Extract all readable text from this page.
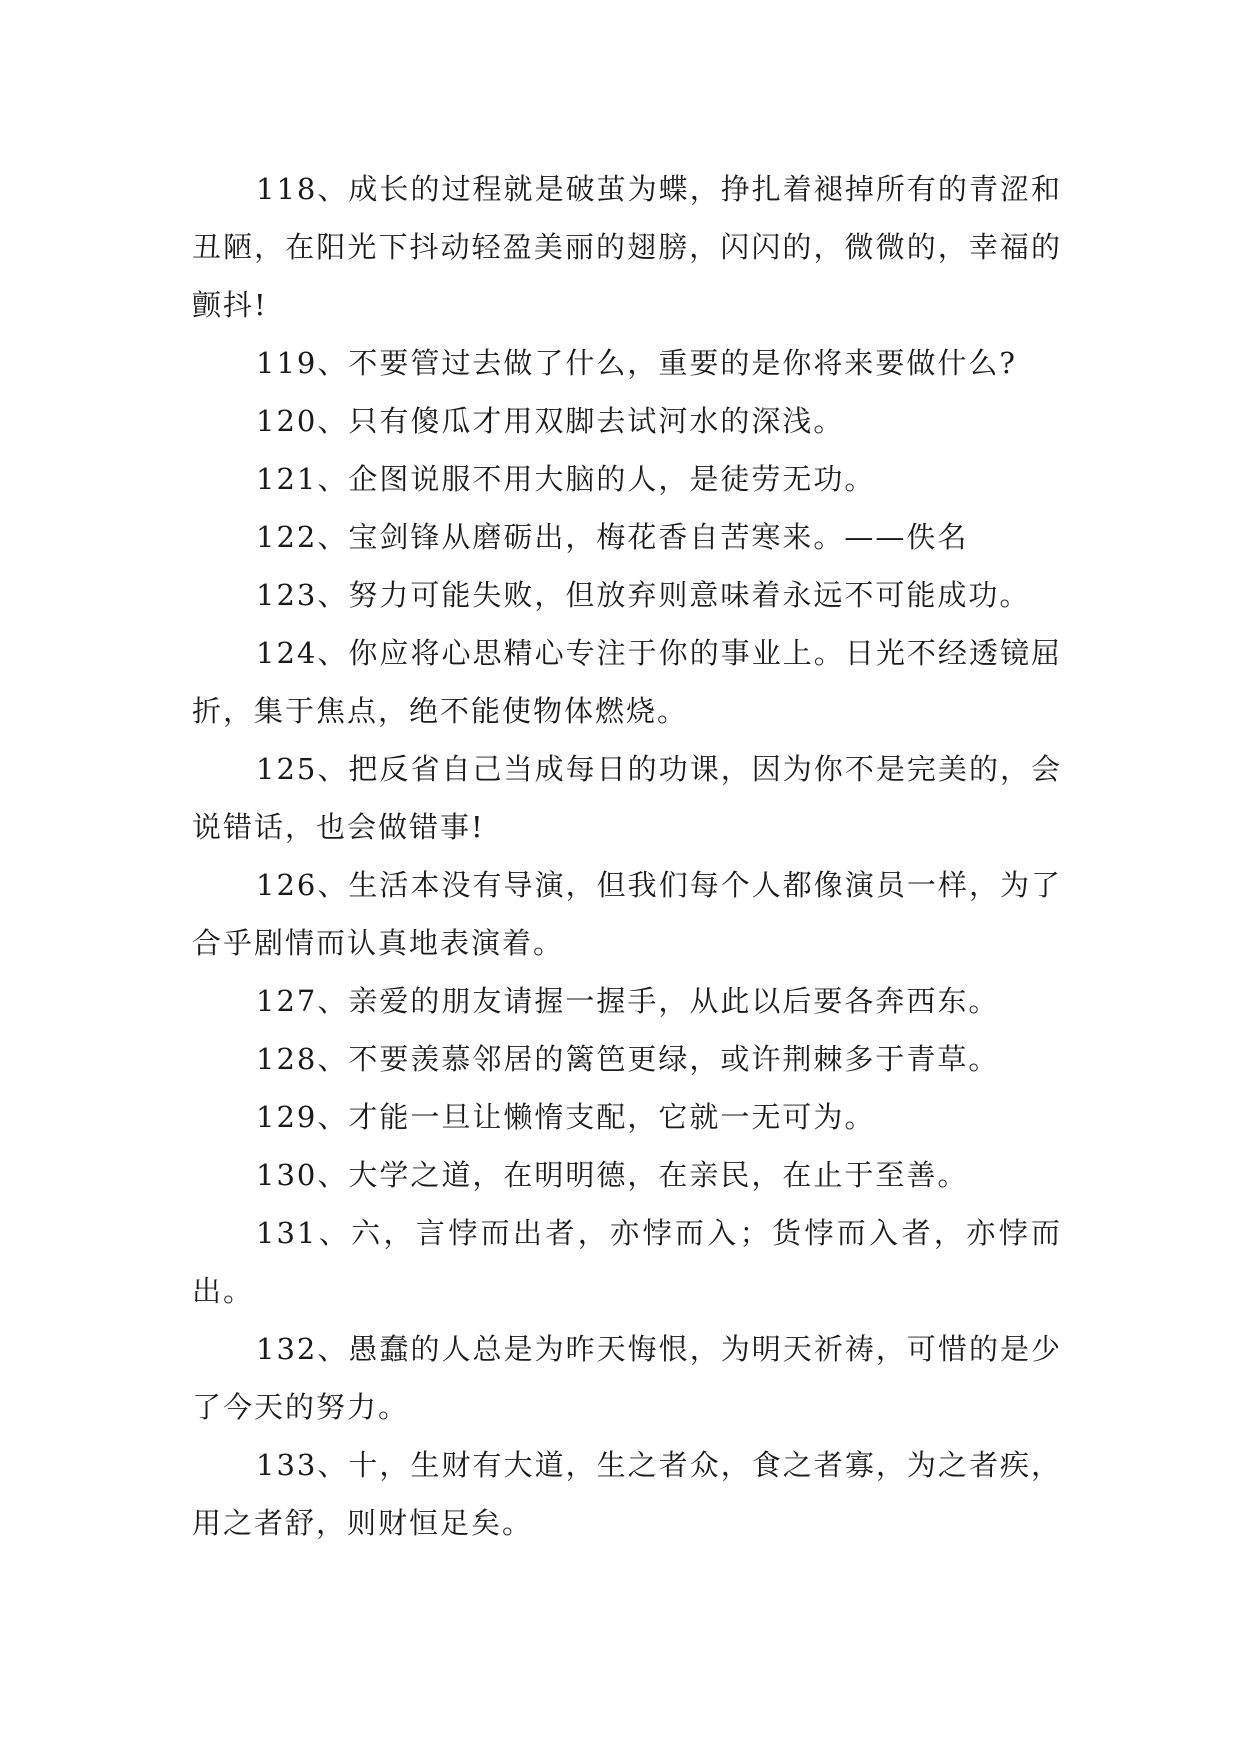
118、成长的过程就是破茧为蝶，挣扎着褪掉所有的青涩和丑陋，在阳光下抖动轻盈美丽的翅膀，闪闪的，微微的，幸福的颤抖!

119、不要管过去做了什么，重要的是你将来要做什么?

120、只有傻瓜才用双脚去试河水的深浅。

121、企图说服不用大脑的人，是徒劳无功。

122、宝剑锋从磨砺出，梅花香自苦寒来。——佚名

123、努力可能失败，但放弃则意味着永远不可能成功。

124、你应将心思精心专注于你的事业上。日光不经透镜屈折，集于焦点，绝不能使物体燃烧。

125、把反省自己当成每日的功课，因为你不是完美的，会说错话，也会做错事!

126、生活本没有导演，但我们每个人都像演员一样，为了合乎剧情而认真地表演着。

127、亲爱的朋友请握一握手，从此以后要各奔西东。

128、不要羡慕邻居的篱笆更绿，或许荆棘多于青草。

129、才能一旦让懒惰支配，它就一无可为。

130、大学之道，在明明德，在亲民，在止于至善。

131、六，言悖而出者，亦悖而入；货悖而入者，亦悖而出。

132、愚蠢的人总是为昨天悔恨，为明天祈祷，可惜的是少了今天的努力。

133、十，生财有大道，生之者众，食之者寡，为之者疾，用之者舒，则财恒足矣。
